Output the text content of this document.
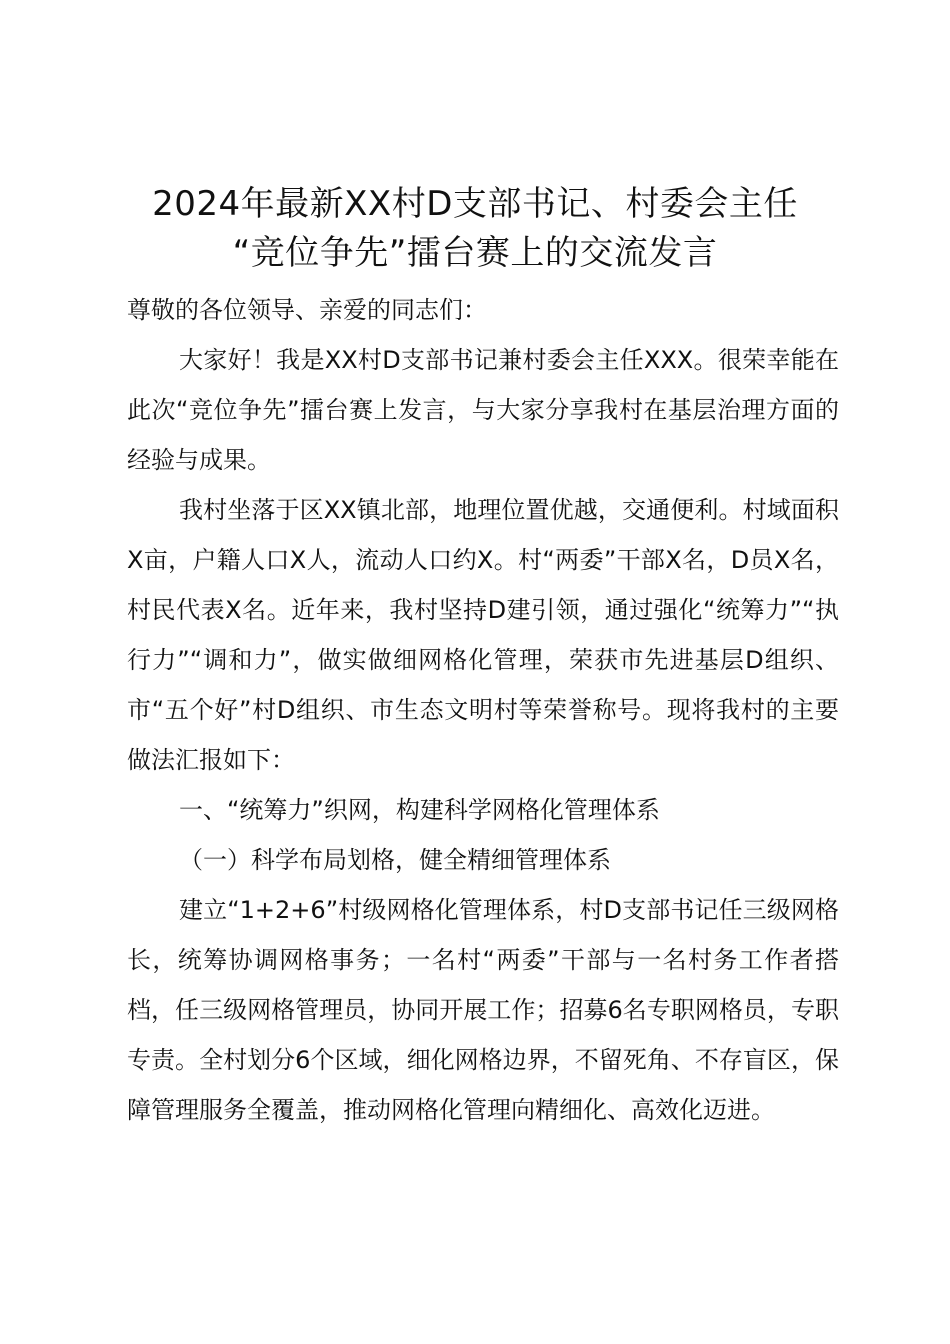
2024年最新XX村D支部书记、村委会主任
“竞位争先”擂台赛上的交流发言

尊敬的各位领导、亲爱的同志们：

大家好！我是XX村D支部书记兼村委会主任XXX。很荣幸能在此次“竞位争先”擂台赛上发言，与大家分享我村在基层治理方面的经验与成果。

我村坐落于区XX镇北部，地理位置优越，交通便利。村域面积X亩，户籍人口X人，流动人口约X。村“两委”干部X名，D员X名，村民代表X名。近年来，我村坚持D建引领，通过强化“统筹力”“执行力”“调和力”，做实做细网格化管理，荣获市先进基层D组织、市“五个好”村D组织、市生态文明村等荣誉称号。现将我村的主要做法汇报如下：

一、“统筹力”织网，构建科学网格化管理体系

（一）科学布局划格，健全精细管理体系

建立“1+2+6”村级网格化管理体系，村D支部书记任三级网格长，统筹协调网格事务；一名村“两委”干部与一名村务工作者搭档，任三级网格管理员，协同开展工作；招募6名专职网格员，专职专责。全村划分6个区域，细化网格边界，不留死角、不存盲区，保障管理服务全覆盖，推动网格化管理向精细化、高效化迈进。
